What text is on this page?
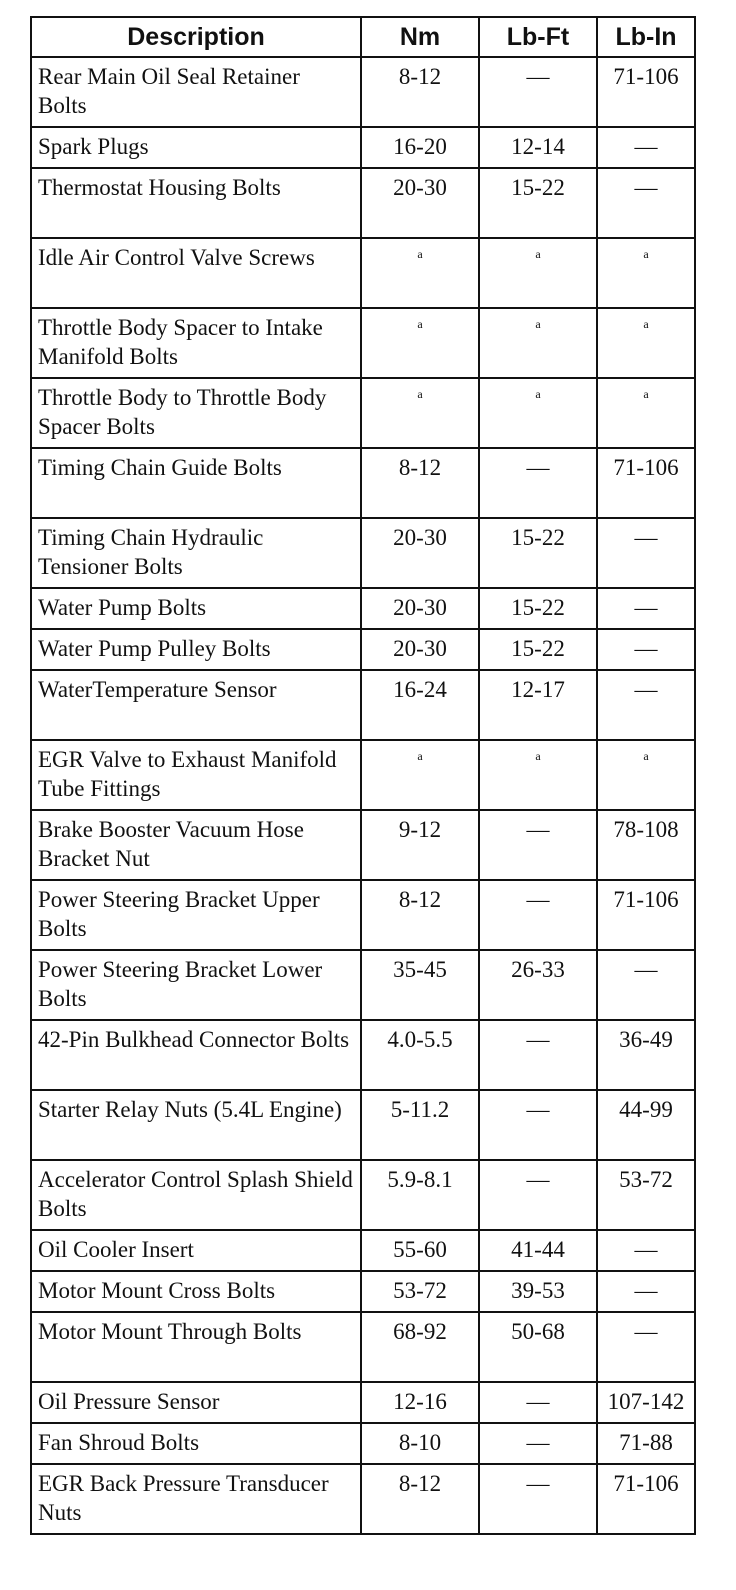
Description	Nm	Lb-Ft	Lb-In
Rear Main Oil Seal Retainer Bolts	8-12	—	71-106
Spark Plugs	16-20	12-14	—
Thermostat Housing Bolts	20-30	15-22	—
Idle Air Control Valve Screws	$^a$	$^a$	$^a$
Throttle Body Spacer to Intake Manifold Bolts	$^a$	$^a$	$^a$
Throttle Body to Throttle Body Spacer Bolts	$^a$	$^a$	$^a$
Timing Chain Guide Bolts	8-12	—	71-106
Timing Chain Hydraulic Tensioner Bolts	20-30	15-22	—
Water Pump Bolts	20-30	15-22	—
Water Pump Pulley Bolts	20-30	15-22	—
WaterTemperature Sensor	16-24	12-17	—
EGR Valve to Exhaust Manifold Tube Fittings	$^a$	$^a$	$^a$
Brake Booster Vacuum Hose Bracket Nut	9-12	—	78-108
Power Steering Bracket Upper Bolts	8-12	—	71-106
Power Steering Bracket Lower Bolts	35-45	26-33	—
42-Pin Bulkhead Connector Bolts	4.0-5.5	—	36-49
Starter Relay Nuts (5.4L Engine)	5-11.2	—	44-99
Accelerator Control Splash Shield Bolts	5.9-8.1	—	53-72
Oil Cooler Insert	55-60	41-44	—
Motor Mount Cross Bolts	53-72	39-53	—
Motor Mount Through Bolts	68-92	50-68	—
Oil Pressure Sensor	12-16	—	107-142
Fan Shroud Bolts	8-10	—	71-88
EGR Back Pressure Transducer Nuts	8-12	—	71-106
